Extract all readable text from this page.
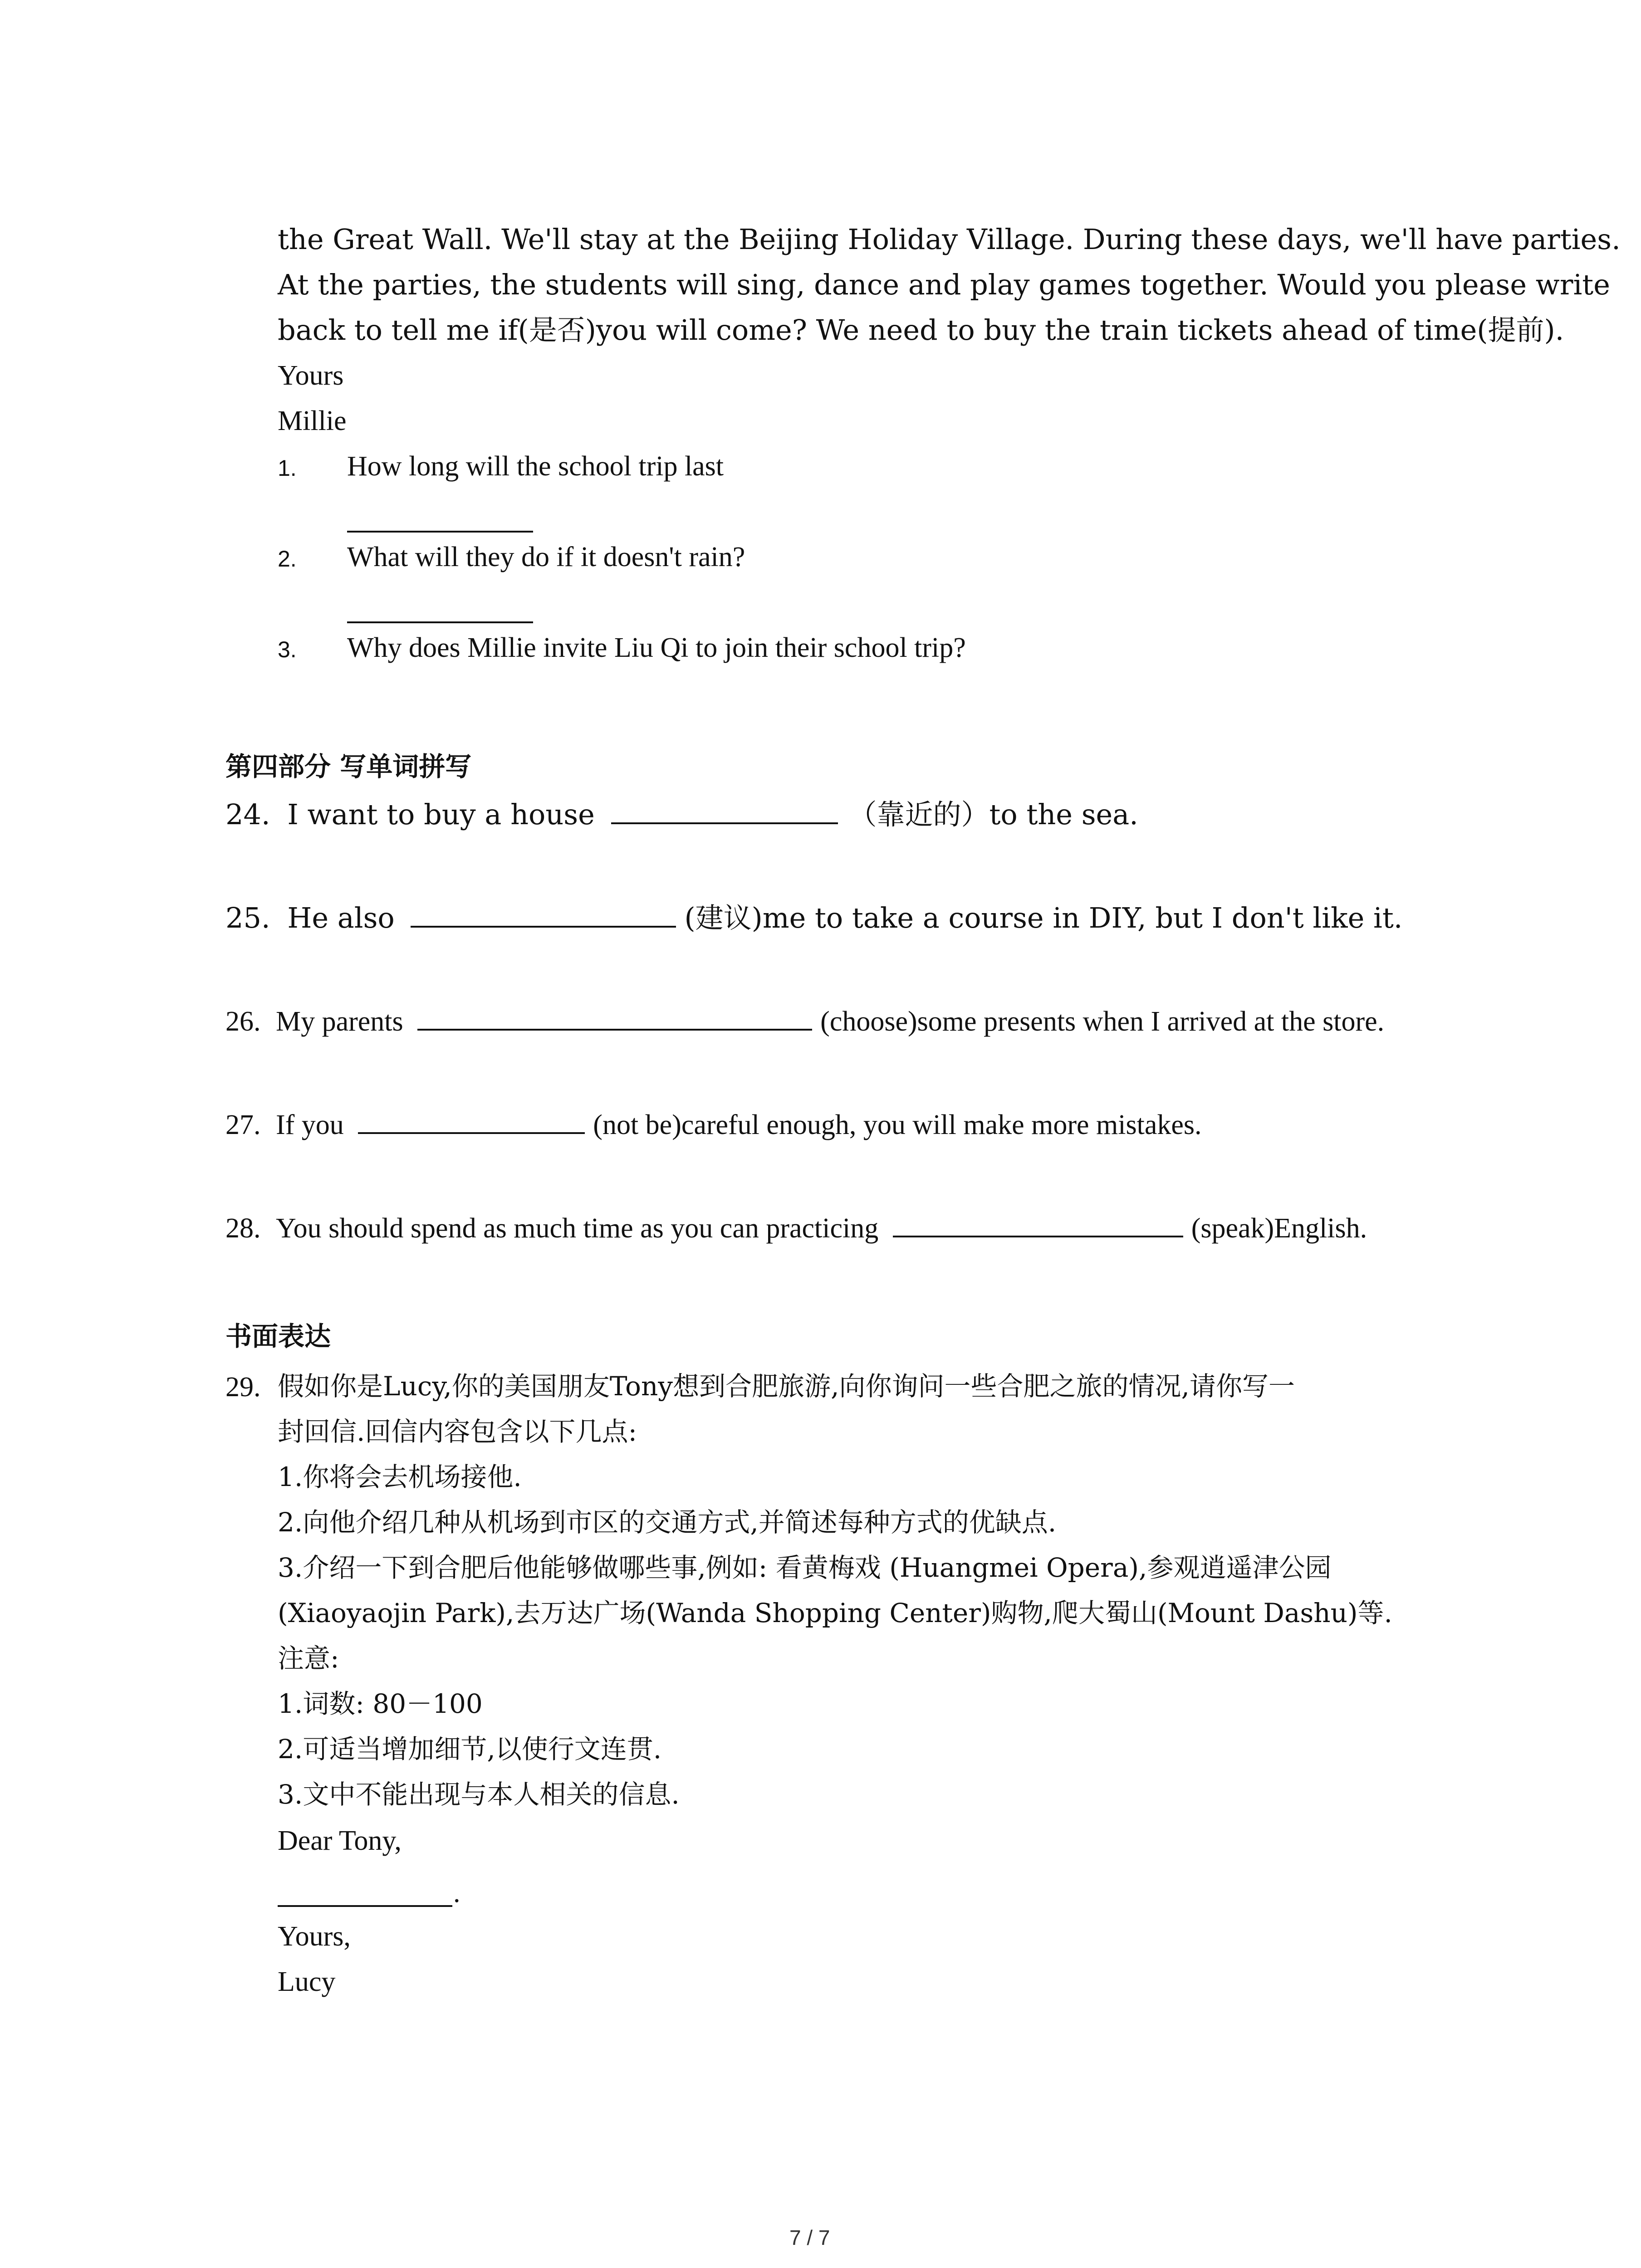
the Great Wall. We'll stay at the Beijing Holiday Village. During these days, we'll have parties.
At the parties, the students will sing, dance and play games together. Would you please write
back to tell me if(是否)you will come? We need to buy the train tickets ahead of time(提前).
Yours
Millie
1. How long will the school trip last
2. What will they do if it doesn't rain?
3. Why does Millie invite Liu Qi to join their school trip?
第四部分 写单词拼写
24. I want to buy a house	（靠近的）to the sea.
25. He also	(建议)me to take a course in DIY, but I don't like it.
26. My parents	(choose)some presents when I arrived at the store.
27. If you	(not be)careful enough, you will make more mistakes.
28. You should spend as much time as you can practicing	(speak)English.
书面表达
29. 假如你是Lucy,你的美国朋友Tony想到合肥旅游,向你询问一些合肥之旅的情况,请你写一
封回信.回信内容包含以下几点:
1.你将会去机场接他.
2.向他介绍几种从机场到市区的交通方式,并简述每种方式的优缺点.
3.介绍一下到合肥后他能够做哪些事,例如: 看黄梅戏 (Huangmei Opera),参观逍遥津公园
(Xiaoyaojin Park),去万达广场(Wanda Shopping Center)购物,爬大蜀山(Mount Dashu)等.
注意:
1.词数: 80－100
2.可适当增加细节,以使行文连贯.
3.文中不能出现与本人相关的信息.
Dear Tony,
.
Yours,
Lucy
7 / 7
